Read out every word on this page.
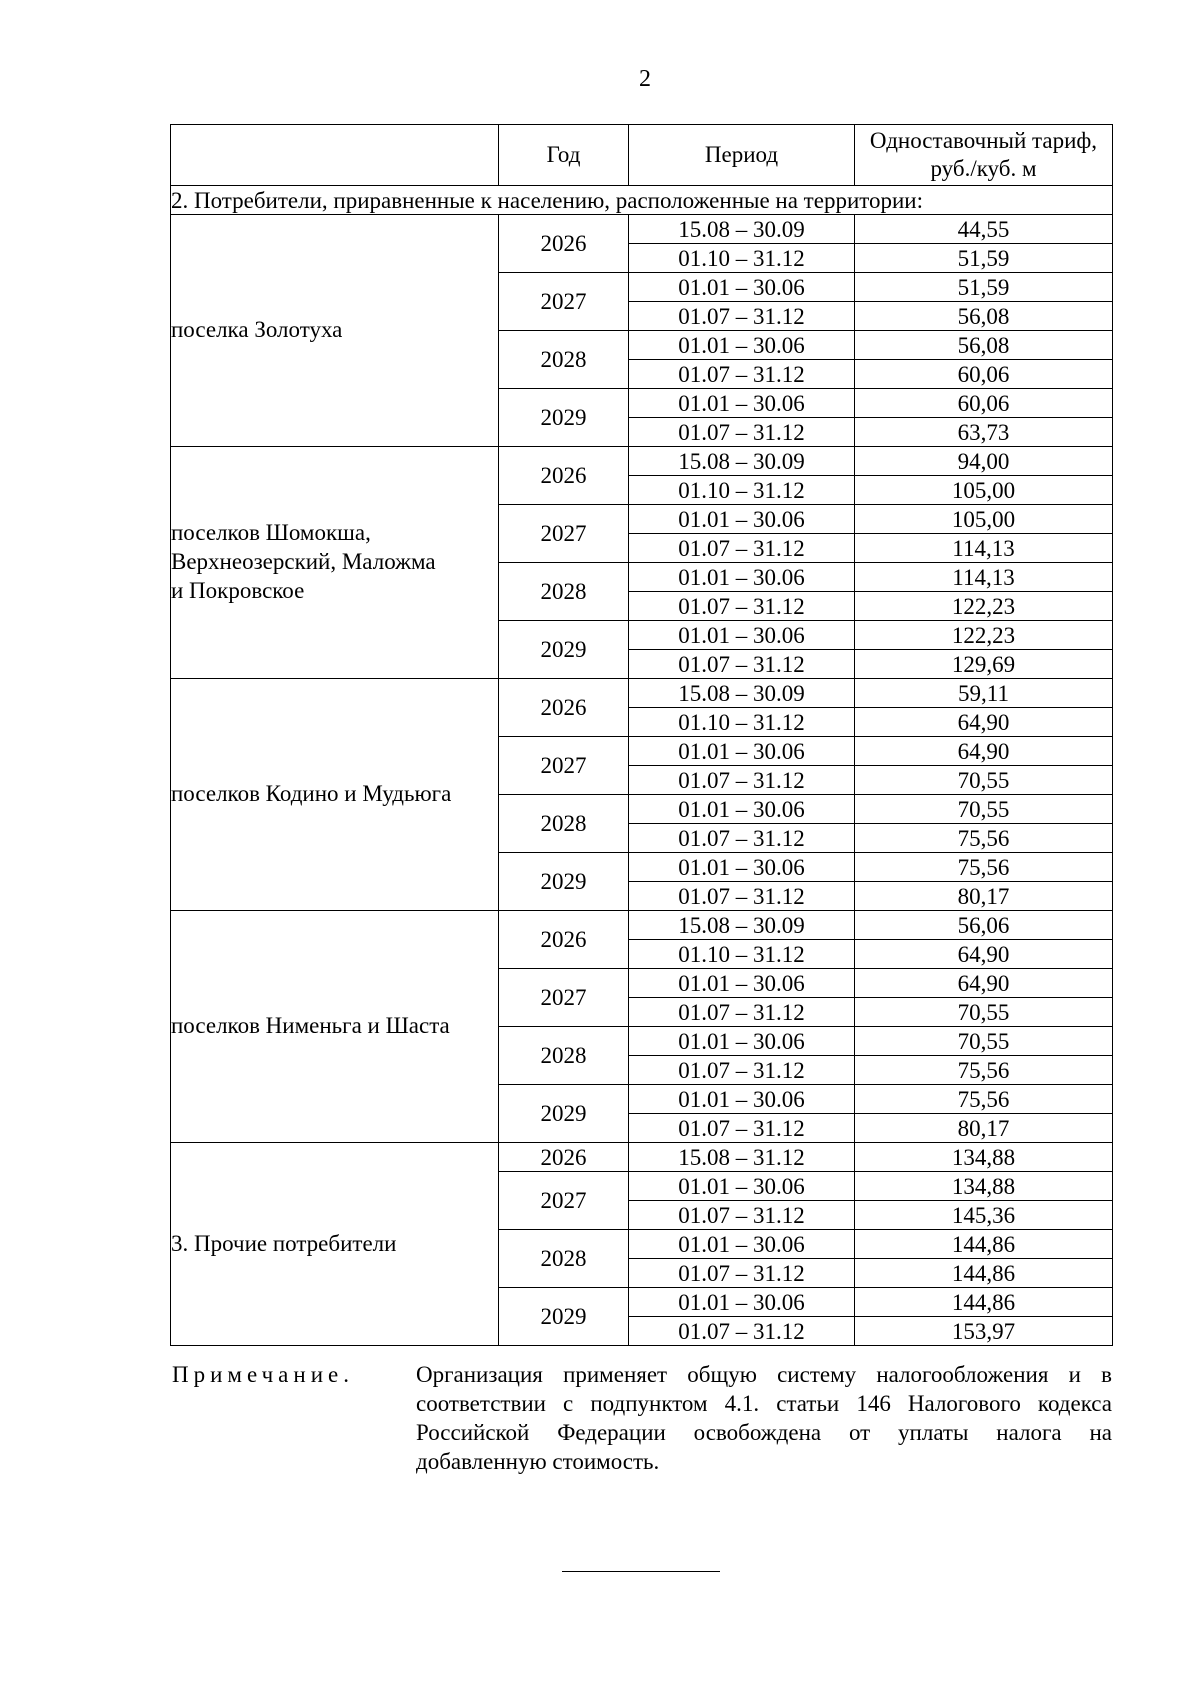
2
	Год	Период	Одноставочный тариф,
руб./куб. м
2. Потребители, приравненные к населению, расположенные на территории:			
поселка Золотуха	2026	15.08 – 30.09	44,55
		01.10 – 31.12	51,59
	2027	01.01 – 30.06	51,59
		01.07 – 31.12	56,08
	2028	01.01 – 30.06	56,08
		01.07 – 31.12	60,06
	2029	01.01 – 30.06	60,06
		01.07 – 31.12	63,73
поселков Шомокша,
Верхнеозерский, Маложма
и Покровское	2026	15.08 – 30.09	94,00
		01.10 – 31.12	105,00
	2027	01.01 – 30.06	105,00
		01.07 – 31.12	114,13
	2028	01.01 – 30.06	114,13
		01.07 – 31.12	122,23
	2029	01.01 – 30.06	122,23
		01.07 – 31.12	129,69
поселков Кодино и Мудьюга	2026	15.08 – 30.09	59,11
		01.10 – 31.12	64,90
	2027	01.01 – 30.06	64,90
		01.07 – 31.12	70,55
	2028	01.01 – 30.06	70,55
		01.07 – 31.12	75,56
	2029	01.01 – 30.06	75,56
		01.07 – 31.12	80,17
поселков Нименьга и Шаста	2026	15.08 – 30.09	56,06
		01.10 – 31.12	64,90
	2027	01.01 – 30.06	64,90
		01.07 – 31.12	70,55
	2028	01.01 – 30.06	70,55
		01.07 – 31.12	75,56
	2029	01.01 – 30.06	75,56
		01.07 – 31.12	80,17
3. Прочие потребители	2026	15.08 – 31.12	134,88
	2027	01.01 – 30.06	134,88
		01.07 – 31.12	145,36
	2028	01.01 – 30.06	144,86
		01.07 – 31.12	144,86
	2029	01.01 – 30.06	144,86
		01.07 – 31.12	153,97
Примечание.	Организация применяет общую систему налогообложения и в соответствии с подпунктом 4.1. статьи 146 Налогового кодекса Российской Федерации освобождена от уплаты налога на добавленную стоимость.
